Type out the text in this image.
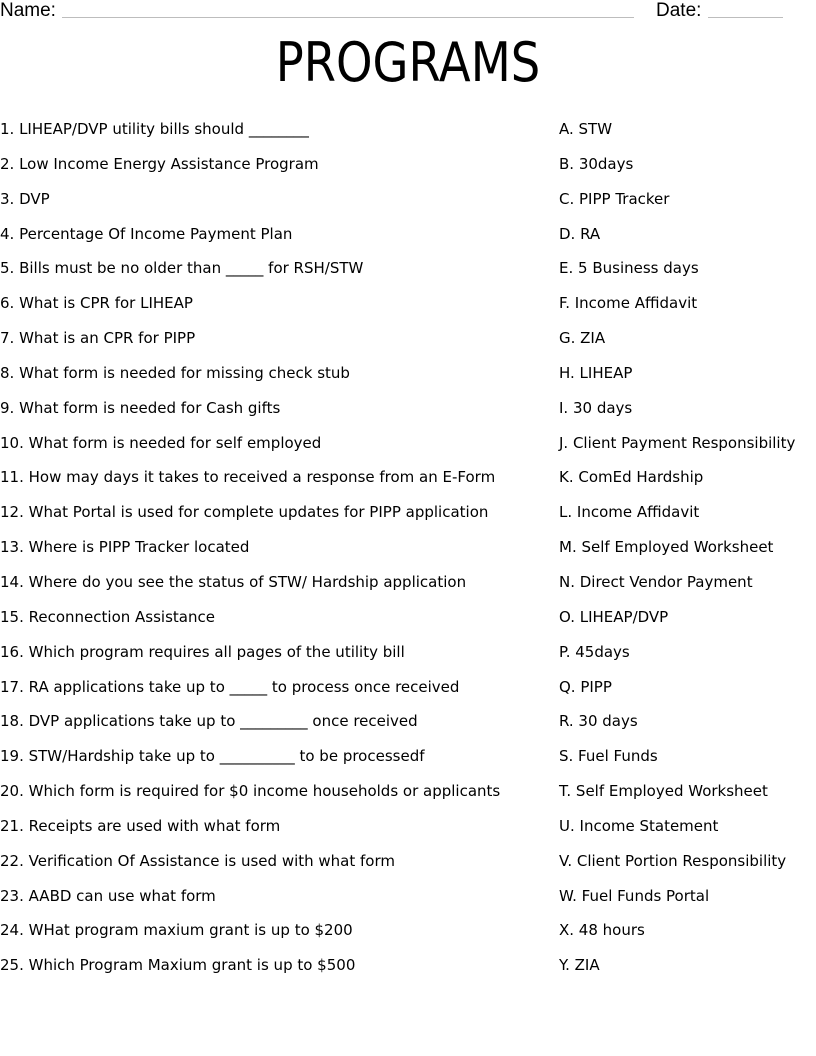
Name:	Date:
PROGRAMS
1. LIHEAP/DVP utility bills should ________
2. Low Income Energy Assistance Program
3. DVP
4. Percentage Of Income Payment Plan
5. Bills must be no older than _____ for RSH/STW
6. What is CPR for LIHEAP
7. What is an CPR for PIPP
8. What form is needed for missing check stub
9. What form is needed for Cash gifts
10. What form is needed for self employed
11. How may days it takes to received a response from an E-Form
12. What Portal is used for complete updates for PIPP application
13. Where is PIPP Tracker located
14. Where do you see the status of STW/ Hardship application
15. Reconnection Assistance
16. Which program requires all pages of the utility bill
17. RA applications take up to _____ to process once received
18. DVP applications take up to _________ once received
19. STW/Hardship take up to __________ to be processedf
20. Which form is required for $0 income households or applicants
21. Receipts are used with what form
22. Verification Of Assistance is used with what form
23. AABD can use what form
24. WHat program maxium grant is up to $200
25. Which Program Maxium grant is up to $500
A. STW
B. 30days
C. PIPP Tracker
D. RA
E. 5 Business days
F. Income Affidavit
G. ZIA
H. LIHEAP
I. 30 days
J. Client Payment Responsibility
K. ComEd Hardship
L. Income Affidavit
M. Self Employed Worksheet
N. Direct Vendor Payment
O. LIHEAP/DVP
P. 45days
Q. PIPP
R. 30 days
S. Fuel Funds
T. Self Employed Worksheet
U. Income Statement
V. Client Portion Responsibility
W. Fuel Funds Portal
X. 48 hours
Y. ZIA
